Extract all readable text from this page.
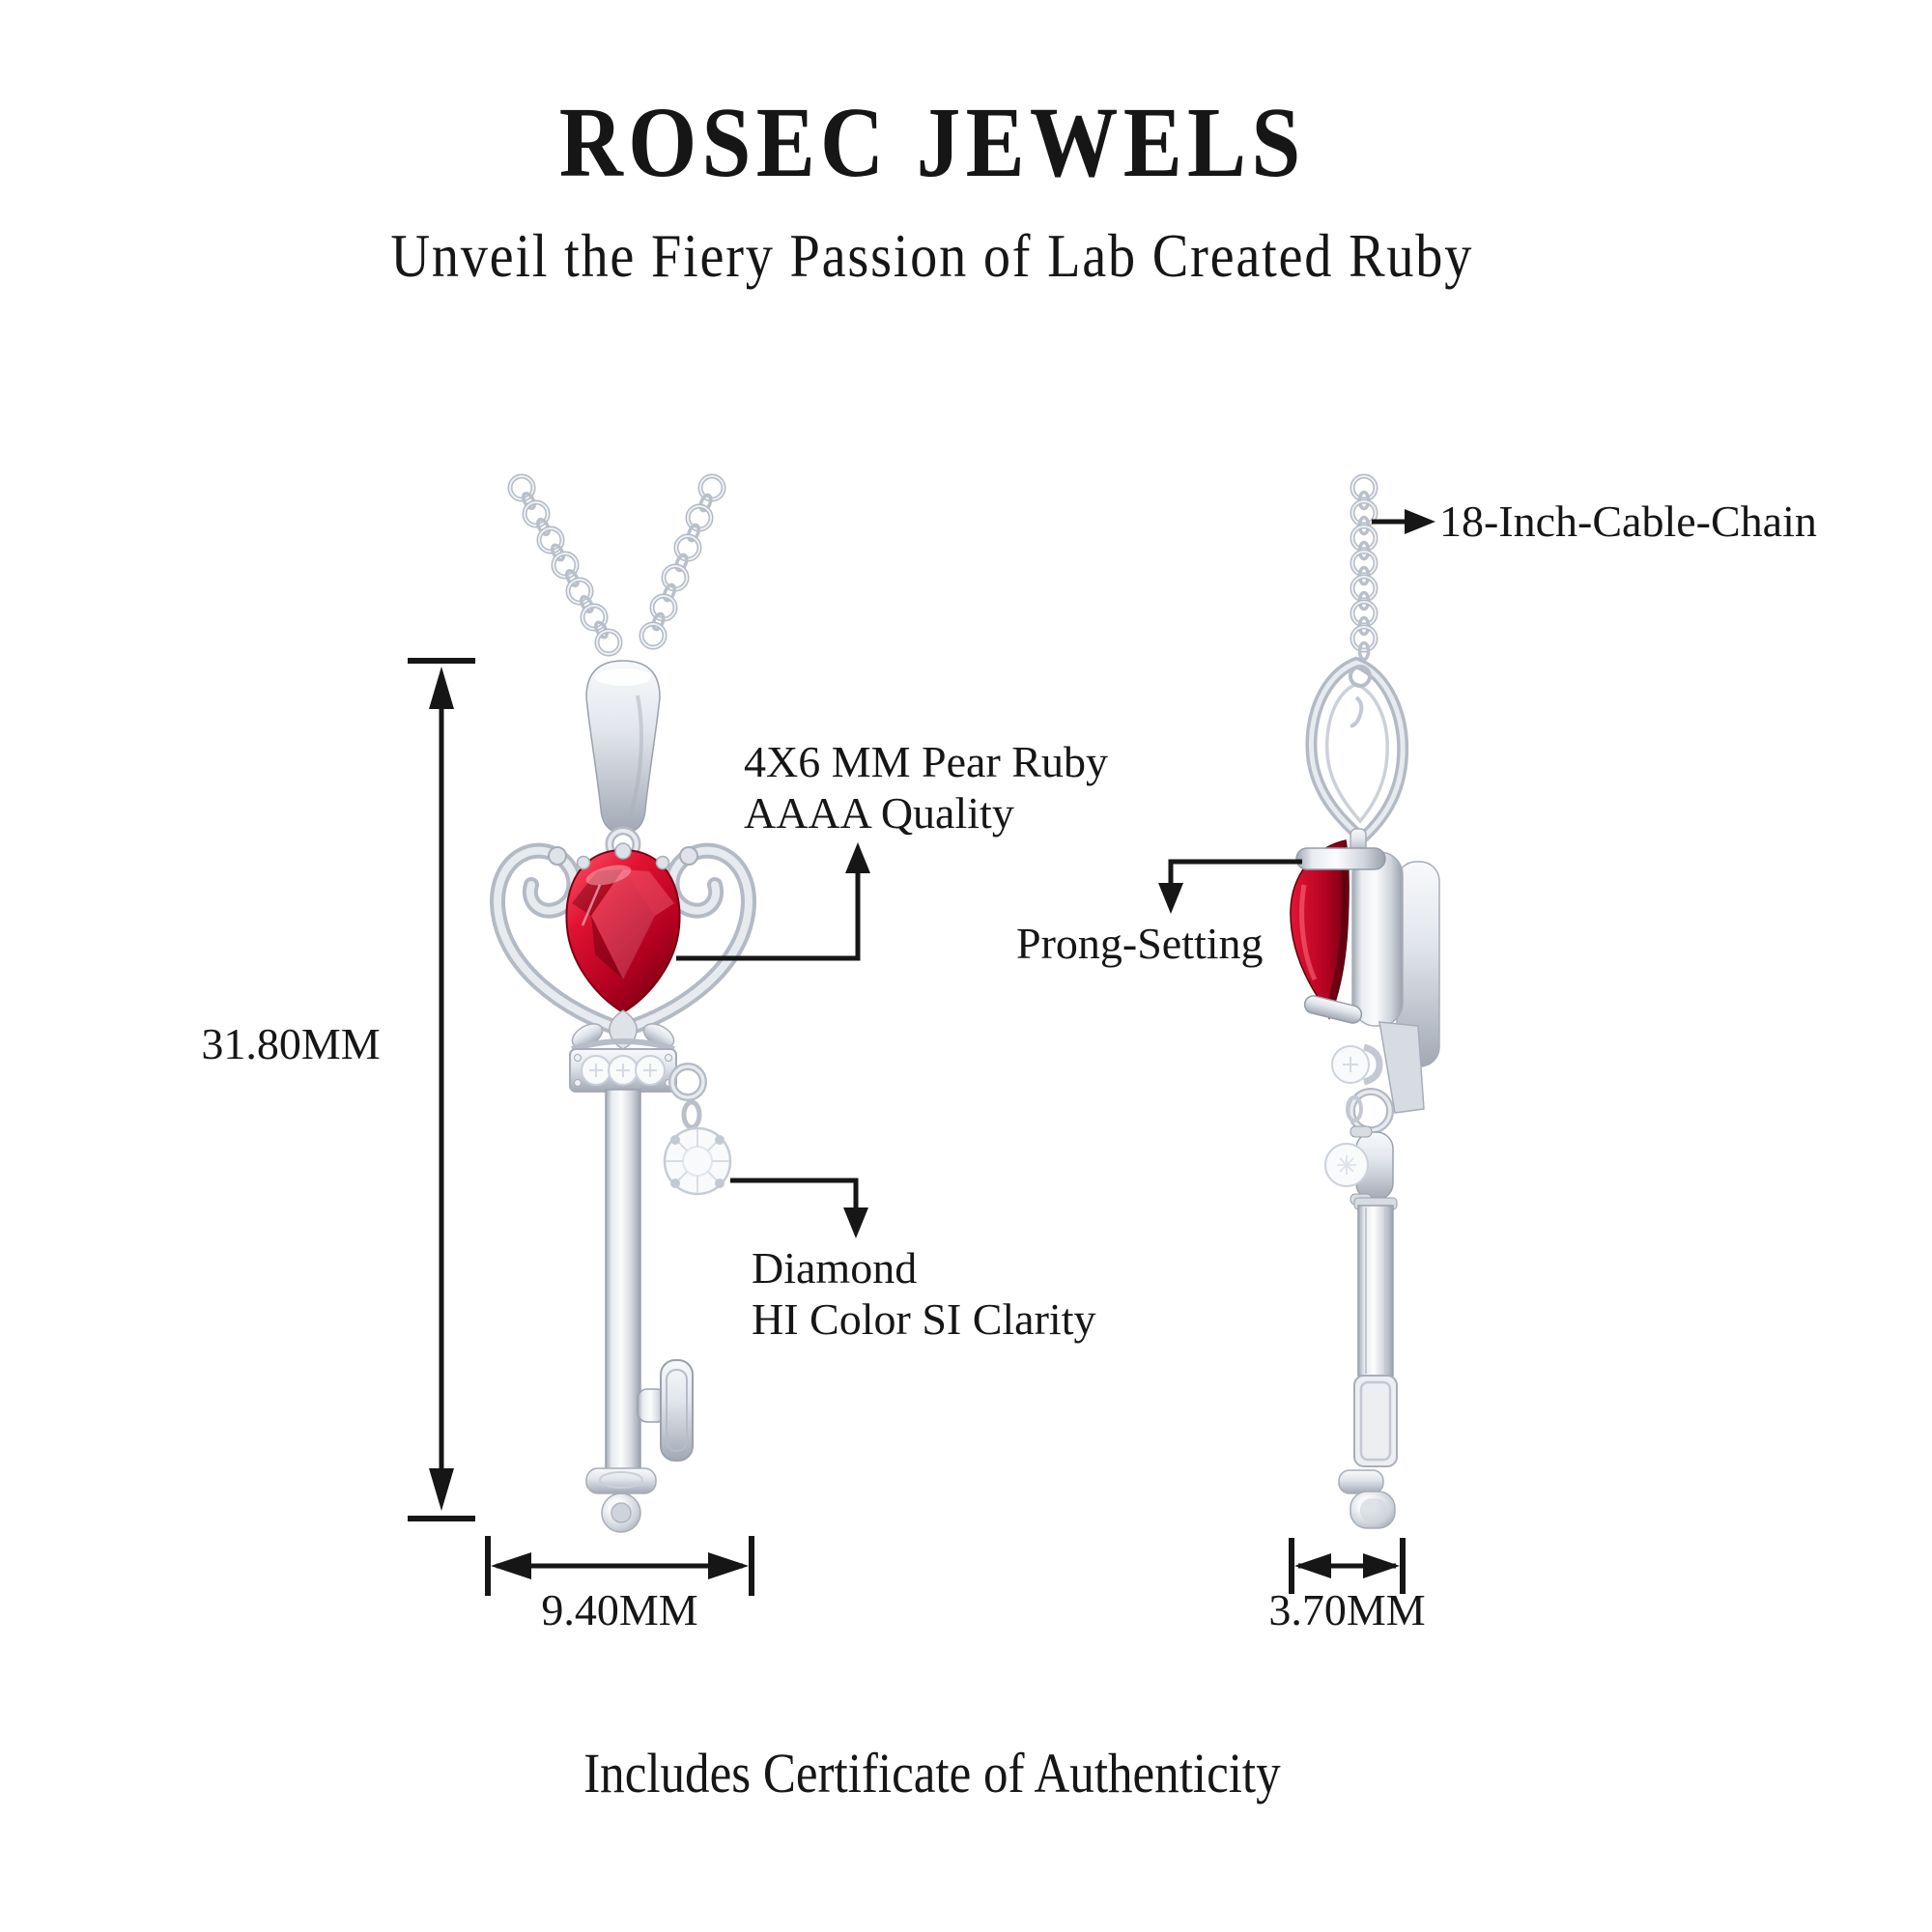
ROSEC JEWELS
Unveil the Fiery Passion of Lab Created Ruby
18-Inch-Cable-Chain
4X6 MM Pear Ruby
AAAA Quality
Prong-Setting
Diamond
HI Color SI Clarity
31.80MM
9.40MM	3.70MM
Includes Certificate of Authenticity
